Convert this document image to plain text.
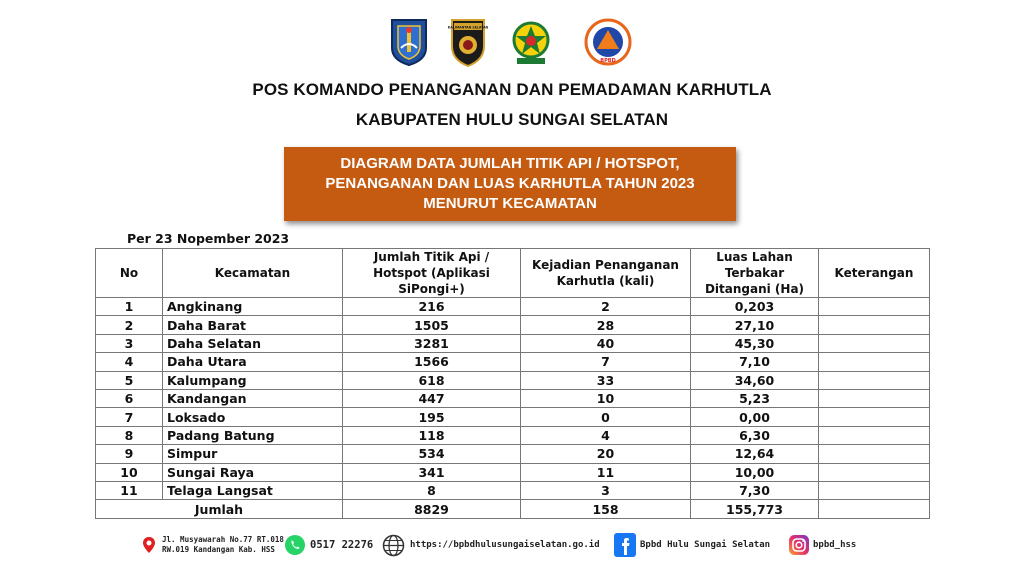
KALIMANTAN SELATAN
BPBD
POS KOMANDO PENANGANAN DAN PEMADAMAN KARHUTLA
KABUPATEN HULU SUNGAI SELATAN
DIAGRAM DATA JUMLAH TITIK API / HOTSPOT,
PENANGANAN DAN LUAS KARHUTLA TAHUN 2023
MENURUT KECAMATAN
Per 23 Nopember 2023
No	Kecamatan	Jumlah Titik Api / Hotspot (Aplikasi SiPongi+)	Kejadian Penanganan Karhutla (kali)	Luas Lahan Terbakar Ditangani (Ha)	Keterangan
1	Angkinang	216	2	0,203	
2	Daha Barat	1505	28	27,10	
3	Daha Selatan	3281	40	45,30	
4	Daha Utara	1566	7	7,10	
5	Kalumpang	618	33	34,60	
6	Kandangan	447	10	5,23	
7	Loksado	195	0	0,00	
8	Padang Batung	118	4	6,30	
9	Simpur	534	20	12,64	
10	Sungai Raya	341	11	10,00	
11	Telaga Langsat	8	3	7,30	
Jumlah		8829	158	155,773	
Jl. Musyawarah No.77 RT.018
RW.019 Kandangan Kab. HSS	0517 22276	https://bpbdhulusungaiselatan.go.id	Bpbd Hulu Sungai Selatan	bpbd_hss
